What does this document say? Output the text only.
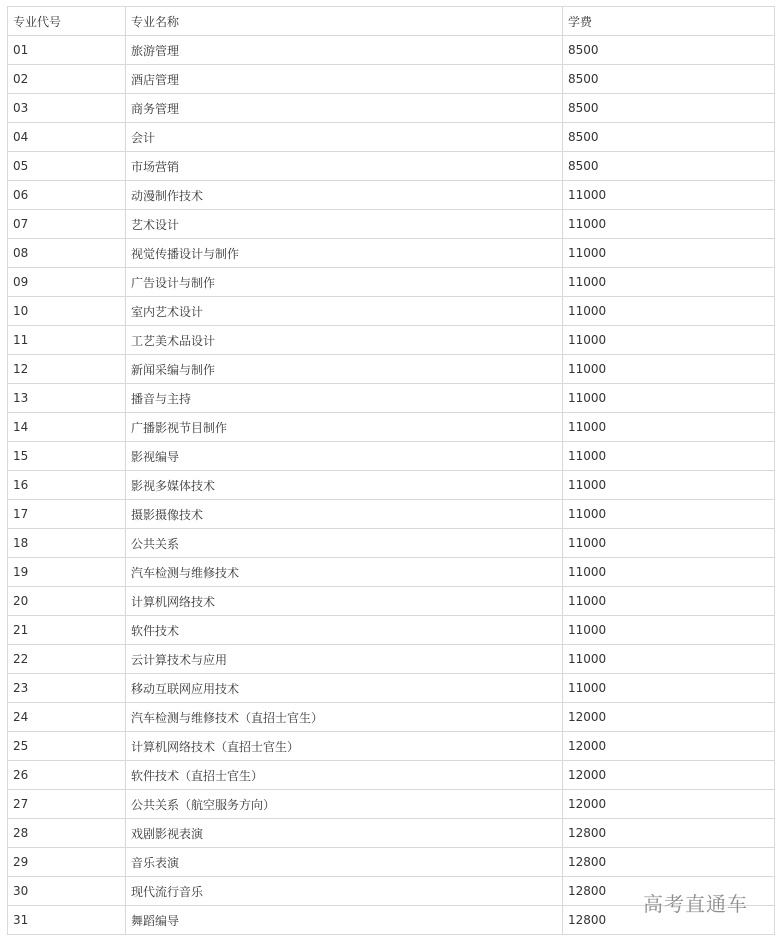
专业代号	专业名称	学费
01	旅游管理	8500
02	酒店管理	8500
03	商务管理	8500
04	会计	8500
05	市场营销	8500
06	动漫制作技术	11000
07	艺术设计	11000
08	视觉传播设计与制作	11000
09	广告设计与制作	11000
10	室内艺术设计	11000
11	工艺美术品设计	11000
12	新闻采编与制作	11000
13	播音与主持	11000
14	广播影视节目制作	11000
15	影视编导	11000
16	影视多媒体技术	11000
17	摄影摄像技术	11000
18	公共关系	11000
19	汽车检测与维修技术	11000
20	计算机网络技术	11000
21	软件技术	11000
22	云计算技术与应用	11000
23	移动互联网应用技术	11000
24	汽车检测与维修技术（直招士官生）	12000
25	计算机网络技术（直招士官生）	12000
26	软件技术（直招士官生）	12000
27	公共关系（航空服务方向）	12000
28	戏剧影视表演	12800
29	音乐表演	12800
30	现代流行音乐	12800
31	舞蹈编导	12800
高考直通车
